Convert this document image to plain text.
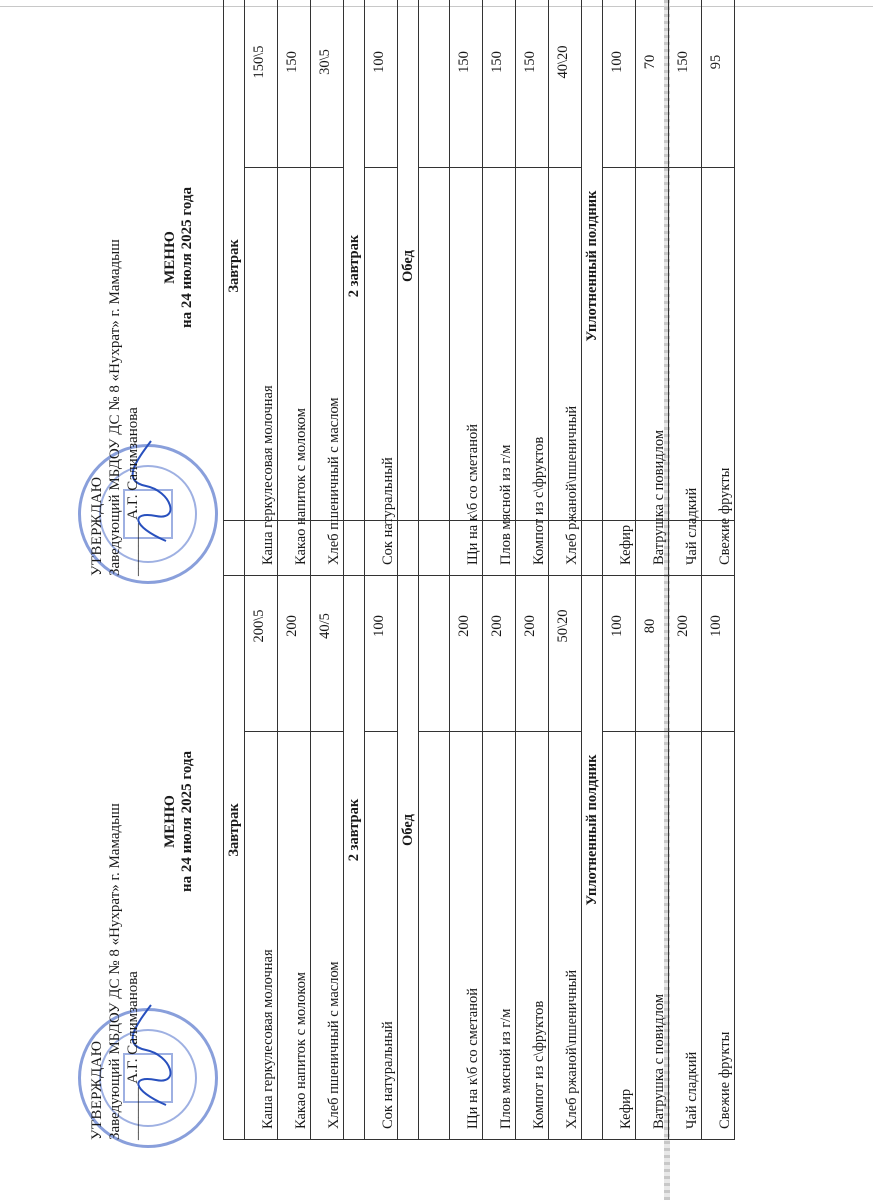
УТВЕРЖДАЮ Заведующий МБДОУ ДС № 8 «Нухрат» г. Мамадыш _______ А.Г. Салимзанова
МЕНЮ на 24 июля 2025 года Завтрак	
Каша геркулесовая молочная	200\5
Какао напиток с молоком	200
Хлеб пшеничный с маслом	40/5
2 завтрак	
Сок натуральный	100
Обед	

Щи на к\б со сметаной	200
Плов мясной из г/м	200
Компот из с\фруктов	200
Хлеб ржаной\пшеничный	50\20
Уплотненный полдник	
Кефир	100
Ватрушка с повидлом	80
Чай сладкий	200
Свежие фрукты	100
УТВЕРЖДАЮ Заведующий МБДОУ ДС № 8 «Нухрат» г. Мамадыш _______ А.Г. Салимзанова
МЕНЮ на 24 июля 2025 года Завтрак	
Каша геркулесовая молочная	150\5
Какао напиток с молоком	150
Хлеб пшеничный с маслом	30\5
2 завтрак	
Сок натуральный	100
Обед	

Щи на к\б со сметаной	150
Плов мясной из г/м	150
Компот из с\фруктов	150
Хлеб ржаной\пшеничный	40\20
Уплотненный полдник	
Кефир	100
Ватрушка с повидлом	70
Чай сладкий	150
Свежие фрукты	95
